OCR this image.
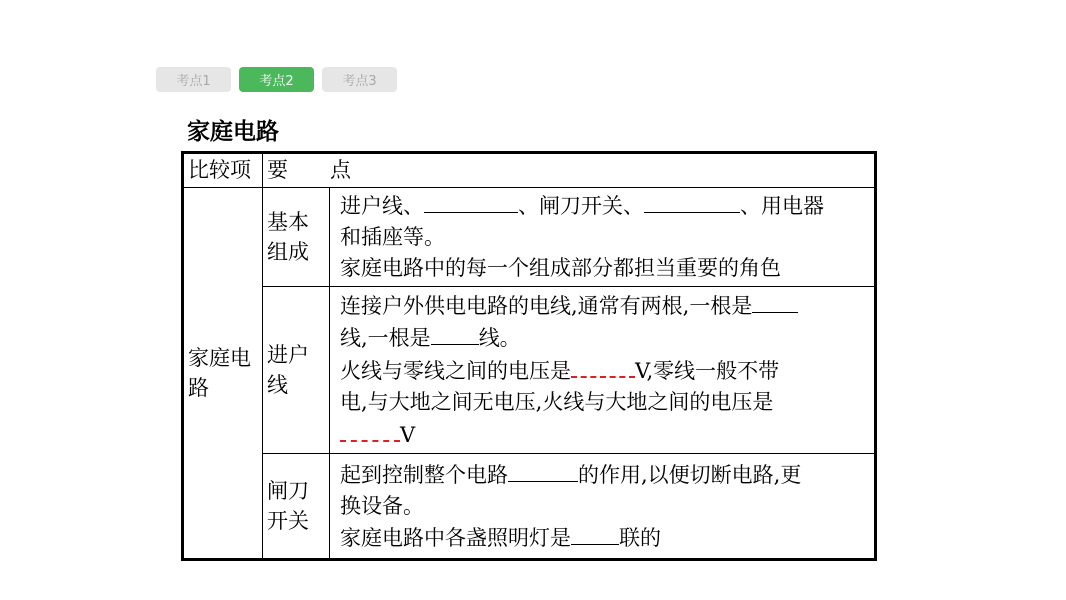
考点1	考点2	考点3
家庭电路
比较项	要　　点	
家庭电路	基本组成	进户线、 、闸刀开关、 、用电器
和插座等。
家庭电路中的每一个组成部分都担当重要的角色
	进户线	连接户外供电电路的电线,通常有两根,一根是
线,一根是 线。
火线与零线之间的电压是 V,零线一般不带
电,与大地之间无电压,火线与大地之间的电压是
V
	闸刀开关	起到控制整个电路 的作用,以便切断电路,更
换设备。
家庭电路中各盏照明灯是 联的
